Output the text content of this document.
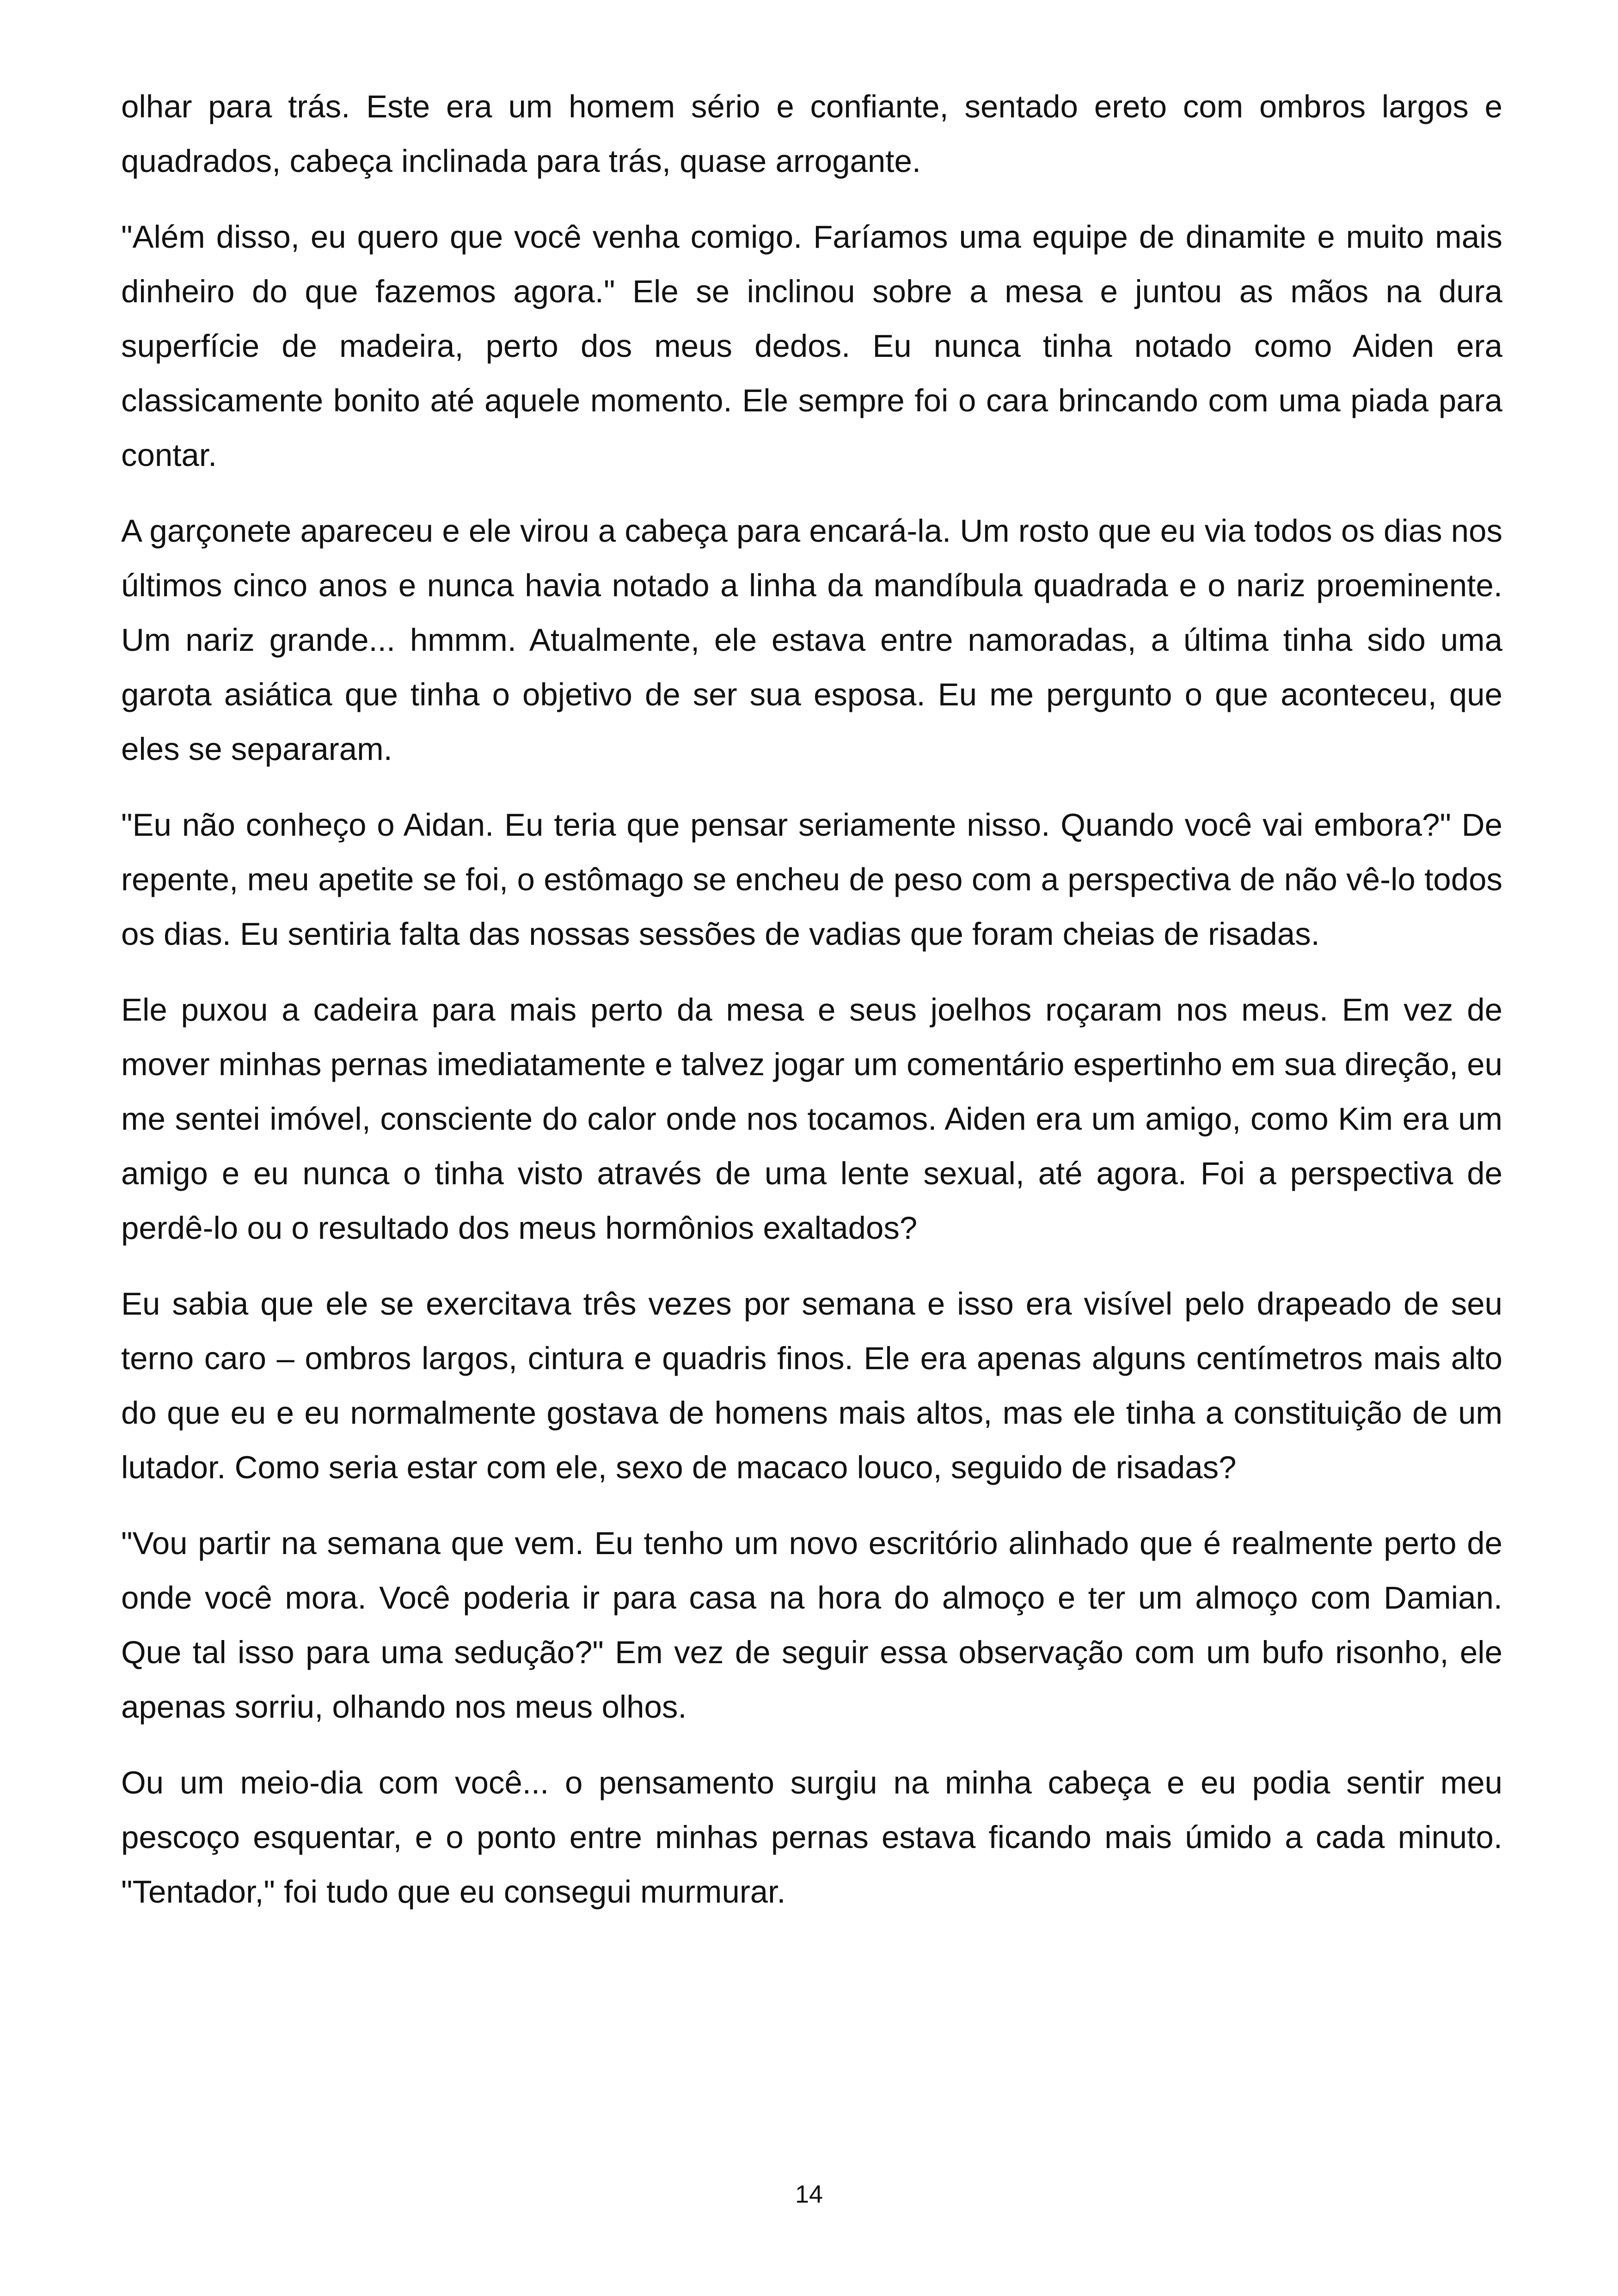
olhar para trás. Este era um homem sério e confiante, sentado ereto com ombros largos e quadrados, cabeça inclinada para trás, quase arrogante.

"Além disso, eu quero que você venha comigo. Faríamos uma equipe de dinamite e muito mais dinheiro do que fazemos agora." Ele se inclinou sobre a mesa e juntou as mãos na dura superfície de madeira, perto dos meus dedos. Eu nunca tinha notado como Aiden era classicamente bonito até aquele momento. Ele sempre foi o cara brincando com uma piada para contar.

A garçonete apareceu e ele virou a cabeça para encará-la. Um rosto que eu via todos os dias nos últimos cinco anos e nunca havia notado a linha da mandíbula quadrada e o nariz proeminente. Um nariz grande... hmmm. Atualmente, ele estava entre namoradas, a última tinha sido uma garota asiática que tinha o objetivo de ser sua esposa. Eu me pergunto o que aconteceu, que eles se separaram.

"Eu não conheço o Aidan. Eu teria que pensar seriamente nisso. Quando você vai embora?" De repente, meu apetite se foi, o estômago se encheu de peso com a perspectiva de não vê-lo todos os dias. Eu sentiria falta das nossas sessões de vadias que foram cheias de risadas.

Ele puxou a cadeira para mais perto da mesa e seus joelhos roçaram nos meus. Em vez de mover minhas pernas imediatamente e talvez jogar um comentário espertinho em sua direção, eu me sentei imóvel, consciente do calor onde nos tocamos. Aiden era um amigo, como Kim era um amigo e eu nunca o tinha visto através de uma lente sexual, até agora. Foi a perspectiva de perdê-lo ou o resultado dos meus hormônios exaltados?

Eu sabia que ele se exercitava três vezes por semana e isso era visível pelo drapeado de seu terno caro – ombros largos, cintura e quadris finos. Ele era apenas alguns centímetros mais alto do que eu e eu normalmente gostava de homens mais altos, mas ele tinha a constituição de um lutador. Como seria estar com ele, sexo de macaco louco, seguido de risadas?

"Vou partir na semana que vem. Eu tenho um novo escritório alinhado que é realmente perto de onde você mora. Você poderia ir para casa na hora do almoço e ter um almoço com Damian. Que tal isso para uma sedução?" Em vez de seguir essa observação com um bufo risonho, ele apenas sorriu, olhando nos meus olhos.

Ou um meio-dia com você... o pensamento surgiu na minha cabeça e eu podia sentir meu pescoço esquentar, e o ponto entre minhas pernas estava ficando mais úmido a cada minuto. "Tentador," foi tudo que eu consegui murmurar.

14
